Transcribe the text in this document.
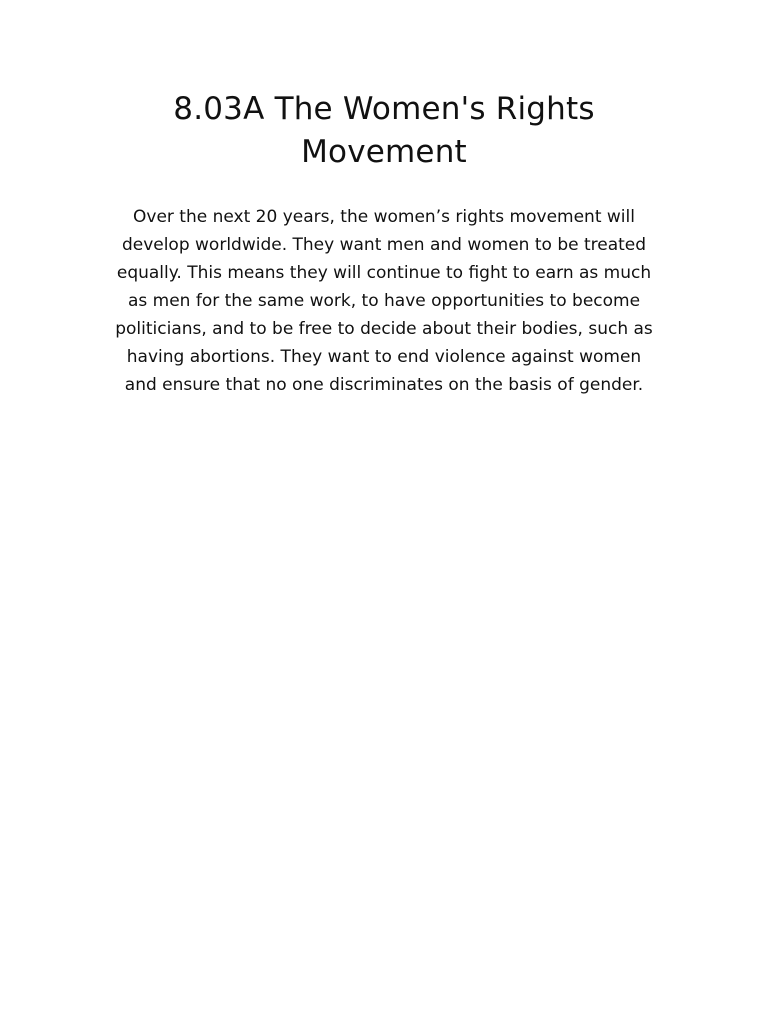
8.03A The Women's Rights
Movement

Over the next 20 years, the women’s rights movement will
develop worldwide. They want men and women to be treated
equally. This means they will continue to fight to earn as much
as men for the same work, to have opportunities to become
politicians, and to be free to decide about their bodies, such as
having abortions. They want to end violence against women
and ensure that no one discriminates on the basis of gender.
